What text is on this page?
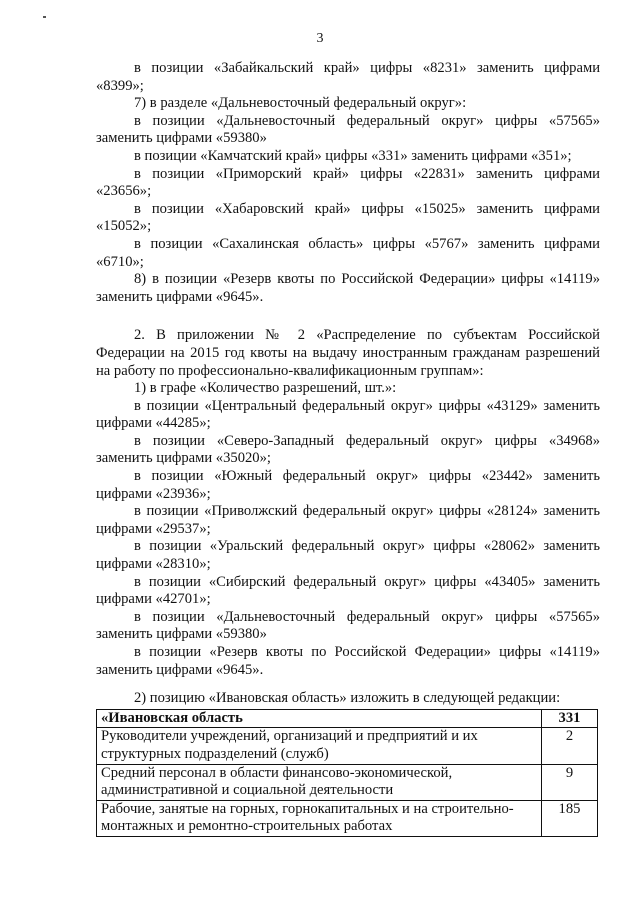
3

в позиции «Забайкальский край» цифры «8231» заменить цифрами «8399»;

7) в разделе «Дальневосточный федеральный округ»:

в позиции «Дальневосточный федеральный округ» цифры «57565» заменить цифрами «59380»

в позиции «Камчатский край» цифры «331» заменить цифрами «351»;

в позиции «Приморский край» цифры «22831» заменить цифрами «23656»;

в позиции «Хабаровский край» цифры «15025» заменить цифрами «15052»;

в позиции «Сахалинская область» цифры «5767» заменить цифрами «6710»;

8) в позиции «Резерв квоты по Российской Федерации» цифры «14119» заменить цифрами «9645».

2. В приложении № 2 «Распределение по субъектам Российской Федерации на 2015 год квоты на выдачу иностранным гражданам разрешений на работу по профессионально-квалификационным группам»:

1) в графе «Количество разрешений, шт.»:

в позиции «Центральный федеральный округ» цифры «43129» заменить цифрами «44285»;

в позиции «Северо-Западный федеральный округ» цифры «34968» заменить цифрами «35020»;

в позиции «Южный федеральный округ» цифры «23442» заменить цифрами «23936»;

в позиции «Приволжский федеральный округ» цифры «28124» заменить цифрами «29537»;

в позиции «Уральский федеральный округ» цифры «28062» заменить цифрами «28310»;

в позиции «Сибирский федеральный округ» цифры «43405» заменить цифрами «42701»;

в позиции «Дальневосточный федеральный округ» цифры «57565» заменить цифрами «59380»

в позиции «Резерв квоты по Российской Федерации» цифры «14119» заменить цифрами «9645».

2) позицию «Ивановская область» изложить в следующей редакции:

«Ивановская область	331
Руководители учреждений, организаций и предприятий и их структурных подразделений (служб)	2
Средний персонал в области финансово-экономической, административной и социальной деятельности	9
Рабочие, занятые на горных, горнокапитальных и на строительно-монтажных и ремонтно-строительных работах	185
